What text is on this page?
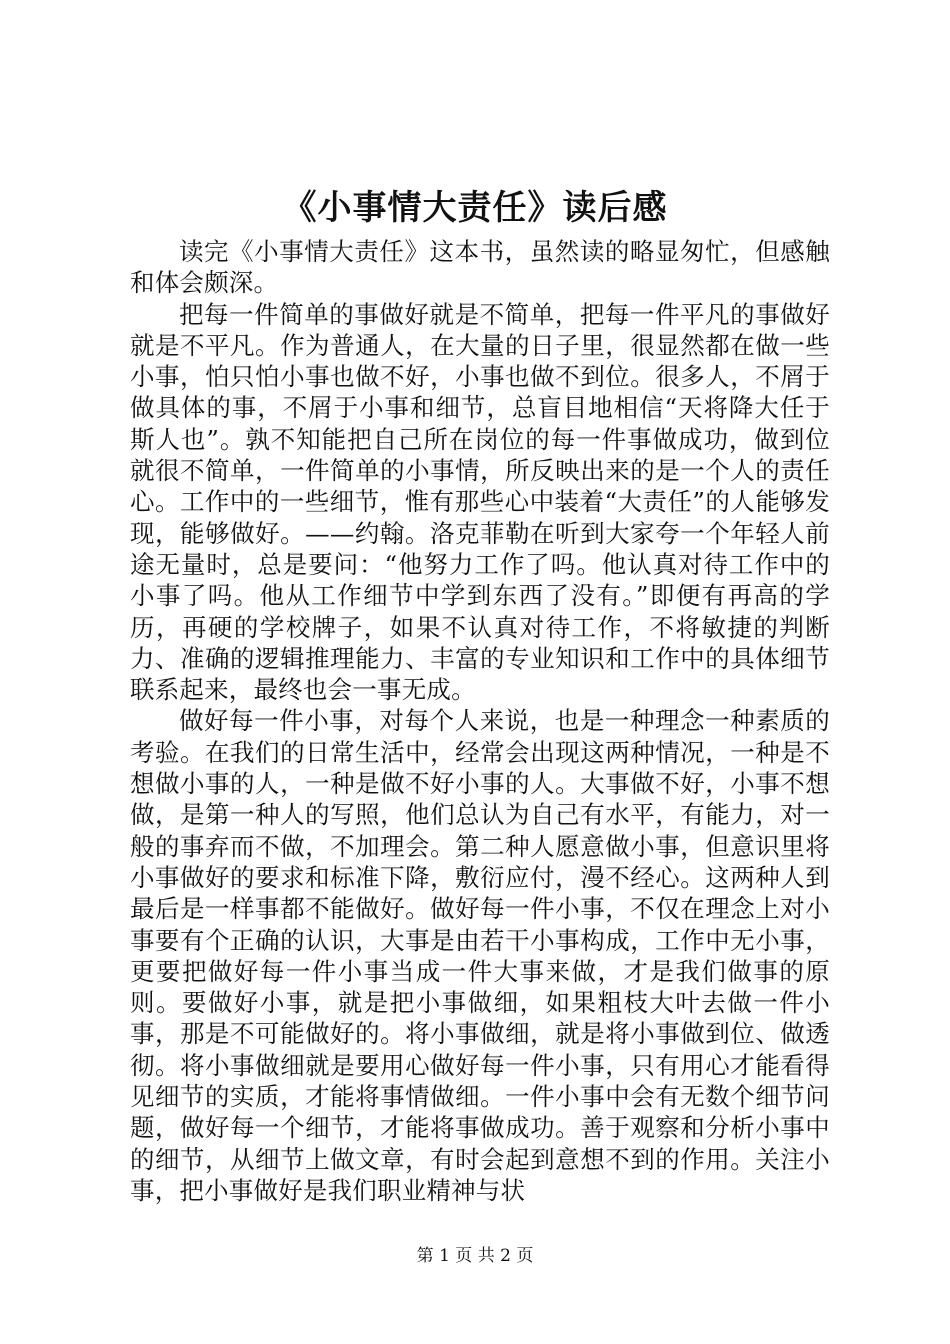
《小事情大责任》读后感

读完《小事情大责任》这本书，虽然读的略显匆忙，但感触和体会颇深。

把每一件简单的事做好就是不简单，把每一件平凡的事做好就是不平凡。作为普通人，在大量的日子里，很显然都在做一些小事，怕只怕小事也做不好，小事也做不到位。很多人，不屑于做具体的事，不屑于小事和细节，总盲目地相信“天将降大任于斯人也”。孰不知能把自己所在岗位的每一件事做成功，做到位就很不简单，一件简单的小事情，所反映出来的是一个人的责任心。工作中的一些细节，惟有那些心中装着“大责任”的人能够发现，能够做好。——约翰。洛克菲勒在听到大家夸一个年轻人前途无量时，总是要问：“他努力工作了吗。他认真对待工作中的小事了吗。他从工作细节中学到东西了没有。”即便有再高的学历，再硬的学校牌子，如果不认真对待工作，不将敏捷的判断力、准确的逻辑推理能力、丰富的专业知识和工作中的具体细节联系起来，最终也会一事无成。

做好每一件小事，对每个人来说，也是一种理念一种素质的考验。在我们的日常生活中，经常会出现这两种情况，一种是不想做小事的人，一种是做不好小事的人。大事做不好，小事不想做，是第一种人的写照，他们总认为自己有水平，有能力，对一般的事弃而不做，不加理会。第二种人愿意做小事，但意识里将小事做好的要求和标准下降，敷衍应付，漫不经心。这两种人到最后是一样事都不能做好。做好每一件小事，不仅在理念上对小事要有个正确的认识，大事是由若干小事构成，工作中无小事，更要把做好每一件小事当成一件大事来做，才是我们做事的原则。要做好小事，就是把小事做细，如果粗枝大叶去做一件小事，那是不可能做好的。将小事做细，就是将小事做到位、做透彻。将小事做细就是要用心做好每一件小事，只有用心才能看得见细节的实质，才能将事情做细。一件小事中会有无数个细节问题，做好每一个细节，才能将事做成功。善于观察和分析小事中的细节，从细节上做文章，有时会起到意想不到的作用。关注小事，把小事做好是我们职业精神与状

第 1 页 共 2 页
